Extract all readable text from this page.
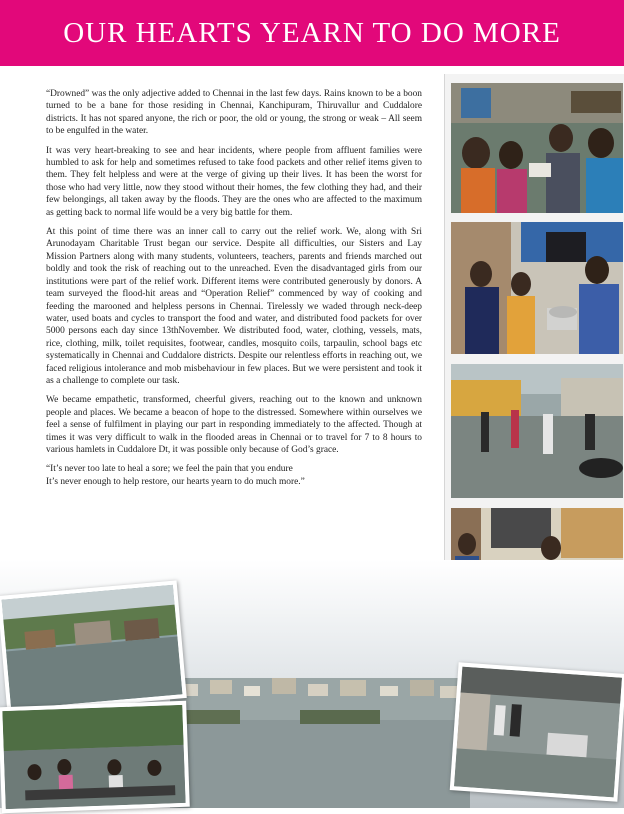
OUR HEARTS YEARN TO DO MORE

“Drowned” was the only adjective added to Chennai in the last few days. Rains known to be a boon turned to be a bane for those residing in Chennai, Kanchipuram, Thiruvallur and Cuddalore districts. It has not spared anyone, the rich or poor, the old or young, the strong or weak – All seem to be engulfed in the water.

It was very heart-breaking to see and hear incidents, where people from affluent families were humbled to ask for help and sometimes refused to take food packets and other relief items given to them. They felt helpless and were at the verge of giving up their lives. It has been the worst for those who had very little, now they stood without their homes, the few clothing they had, and their few belongings, all taken away by the floods. They are the ones who are affected to the maximum as getting back to normal life would be a very big battle for them.

At this point of time there was an inner call to carry out the relief work. We, along with Sri Arunodayam Charitable Trust began our service. Despite all difficulties, our Sisters and Lay Mission Partners along with many students, volunteers, teachers, parents and friends marched out boldly and took the risk of reaching out to the unreached. Even the disadvantaged girls from our institutions were part of the relief work. Different items were contributed generously by donors. A team surveyed the flood-hit areas and “Operation Relief” commenced by way of cooking and feeding the marooned and helpless persons in Chennai. Tirelessly we waded through neck-deep water, used boats and cycles to transport the food and water, and distributed food packets for over 5000 persons each day since 13thNovember. We distributed food, water, clothing, vessels, mats, rice, clothing, milk, toilet requisites, footwear, candles, mosquito coils, tarpaulin, school bags etc systematically in Chennai and Cuddalore districts. Despite our relentless efforts in reaching out, we faced religious intolerance and mob misbehaviour in few places. But we were persistent and took it as a challenge to complete our task.

We became empathetic, transformed, cheerful givers, reaching out to the known and unknown people and places. We became a beacon of hope to the distressed. Somewhere within ourselves we feel a sense of fulfilment in playing our part in responding immediately to the affected. Though at times it was very difficult to walk in the flooded areas in Chennai or to travel for 7 to 8 hours to various hamlets in Cuddalore Dt, it was possible only because of God’s grace.

“It’s never too late to heal a sore; we feel the pain that you endure
It’s never enough to help restore, our hearts yearn to do much more.”
